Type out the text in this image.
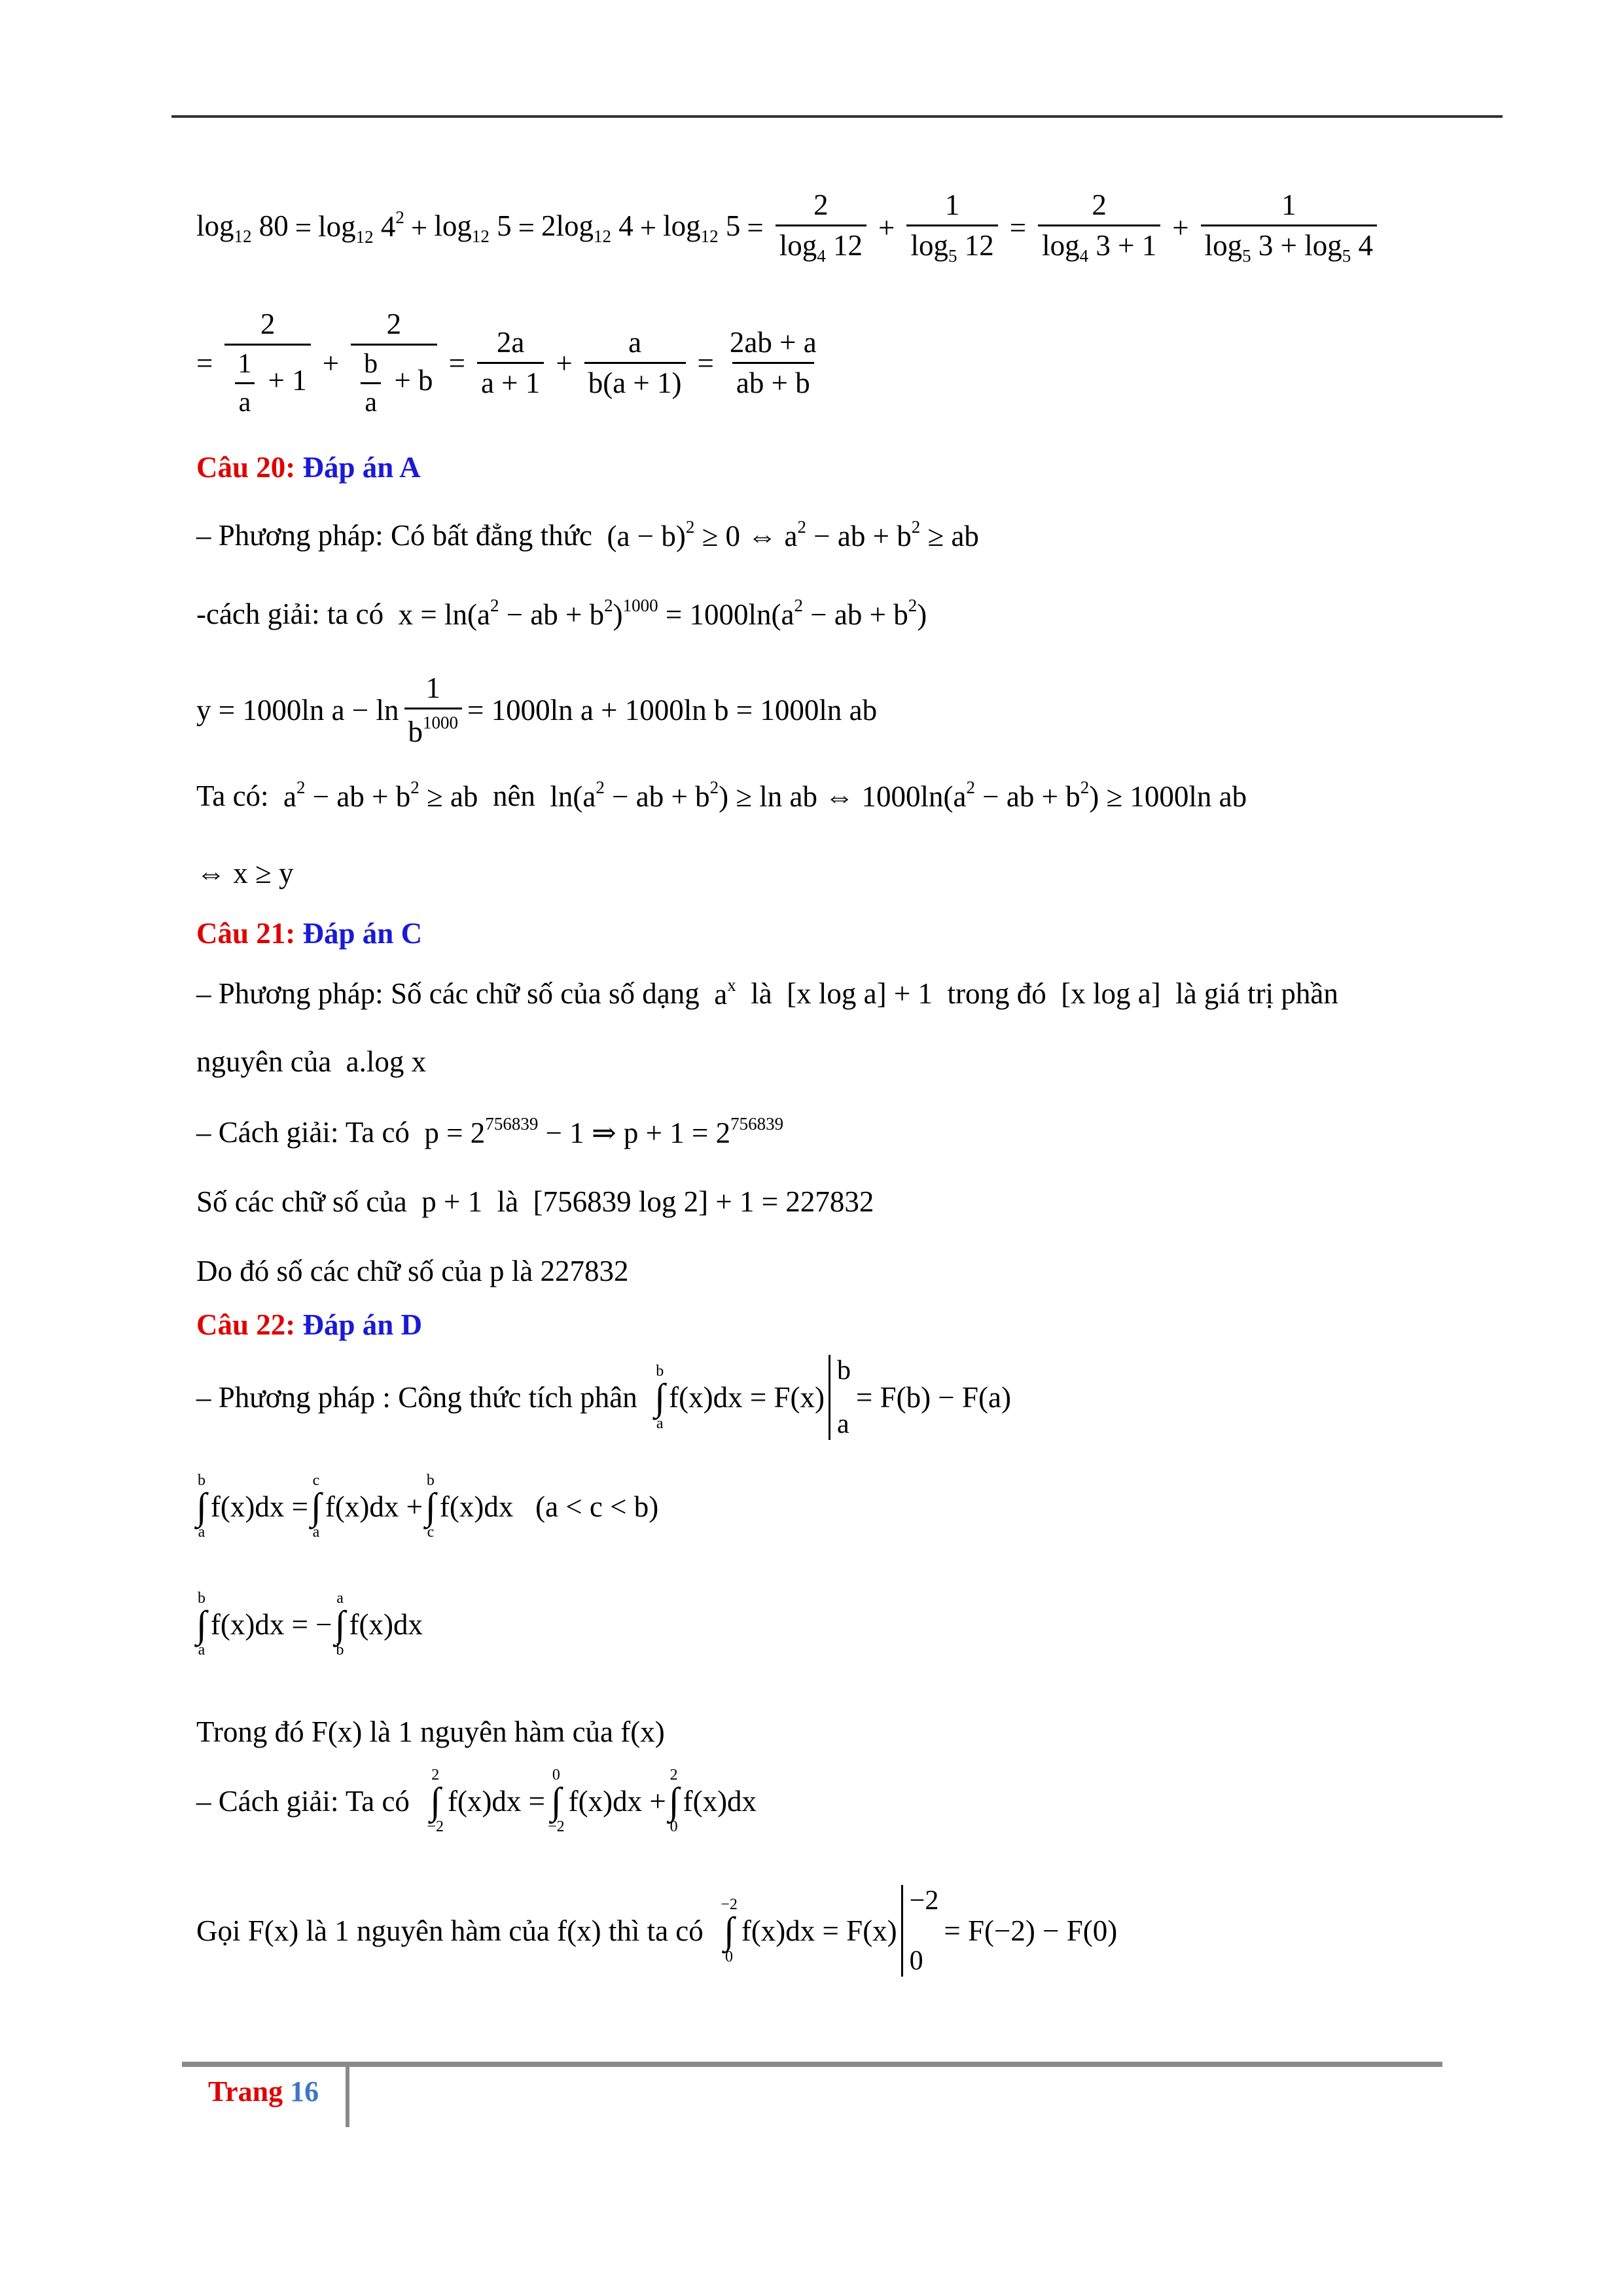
$\log_{12} 80 = \log_{12} 4^2 + \log_{12} 5 = 2\log_{12}$ $4 + \log_{12} 5 = \frac{2}{\log_4 12} + \frac{1}{\log_5 12} = \frac{2}{\log_4 3 + 1} + \frac{1}{\log_5 3 + \log_5 4}$
= $\frac{2}{\frac{1}{a} + 1} + \frac{2}{\frac{b}{a} + b} = \frac{2a}{a + 1} + \frac{a}{b(a + 1)} = \frac{2ab + a}{ab + b}$
Câu 20:
Đáp án A
– Phương pháp: Có bất đẳng thức
$(a - b)^2 \ge 0$ ⇔ $a^2$ − ab + $b^2$ ≥ ab
-cách giải: ta có
$x = \ln(a^2$ − ab + $b^2)^{1000} = 1000\ln(a^2$ − ab + $b^2$)
y = 1000ln $a - \ln \frac{1}{b^{1000}} = 1000\ln$ a + 1000ln b = 1000ln ab
Ta có:
$a^2$ − ab + $b^2$ ≥ ab
nên
$\ln(a^2$ − ab + $b^2) \ge \ln$ ab ⇔ $1000\ln(a^2$ − ab + $b^2) \ge 1000\ln$ ab
⇔ x ≥ y
Câu 21:
Đáp án C
– Phương pháp: Số các chữ số của số dạng
$a^x$
là
[x log a] + 1
trong đó
[x log a]
là giá trị phần
nguyên của
a.log x
– Cách giải: Ta có
$p = 2^{756839} - 1$ ⇒ $p + 1 = 2^{756839}$
Số các chữ số của
p + 1
là
[756839 log 2] + 1 = 227832
Do đó số các chữ số của p là 227832
Câu 22:
Đáp án D
– Phương pháp : Công thức tích phân

b
∫
a
f(x)dx = F(x)
b
a
= F(b) − F(a)
b
∫
a
f(x)dx =
c
∫
a
f(x)dx +
b
∫
c
f(x)dx
(a < c < b)
b
∫
a
f(x)dx = −
a
∫
b
f(x)dx
Trong đó F(x) là 1 nguyên hàm của f(x)
– Cách giải: Ta có

2
∫
−2
f(x)dx =
0
∫
−2
f(x)dx +
2
∫
0
f(x)dx
Gọi F(x) là 1 nguyên hàm của f(x) thì ta có

−2
∫
0
f(x)dx = F(x)
−2
0
= F(−2) − F(0)
Trang 16
